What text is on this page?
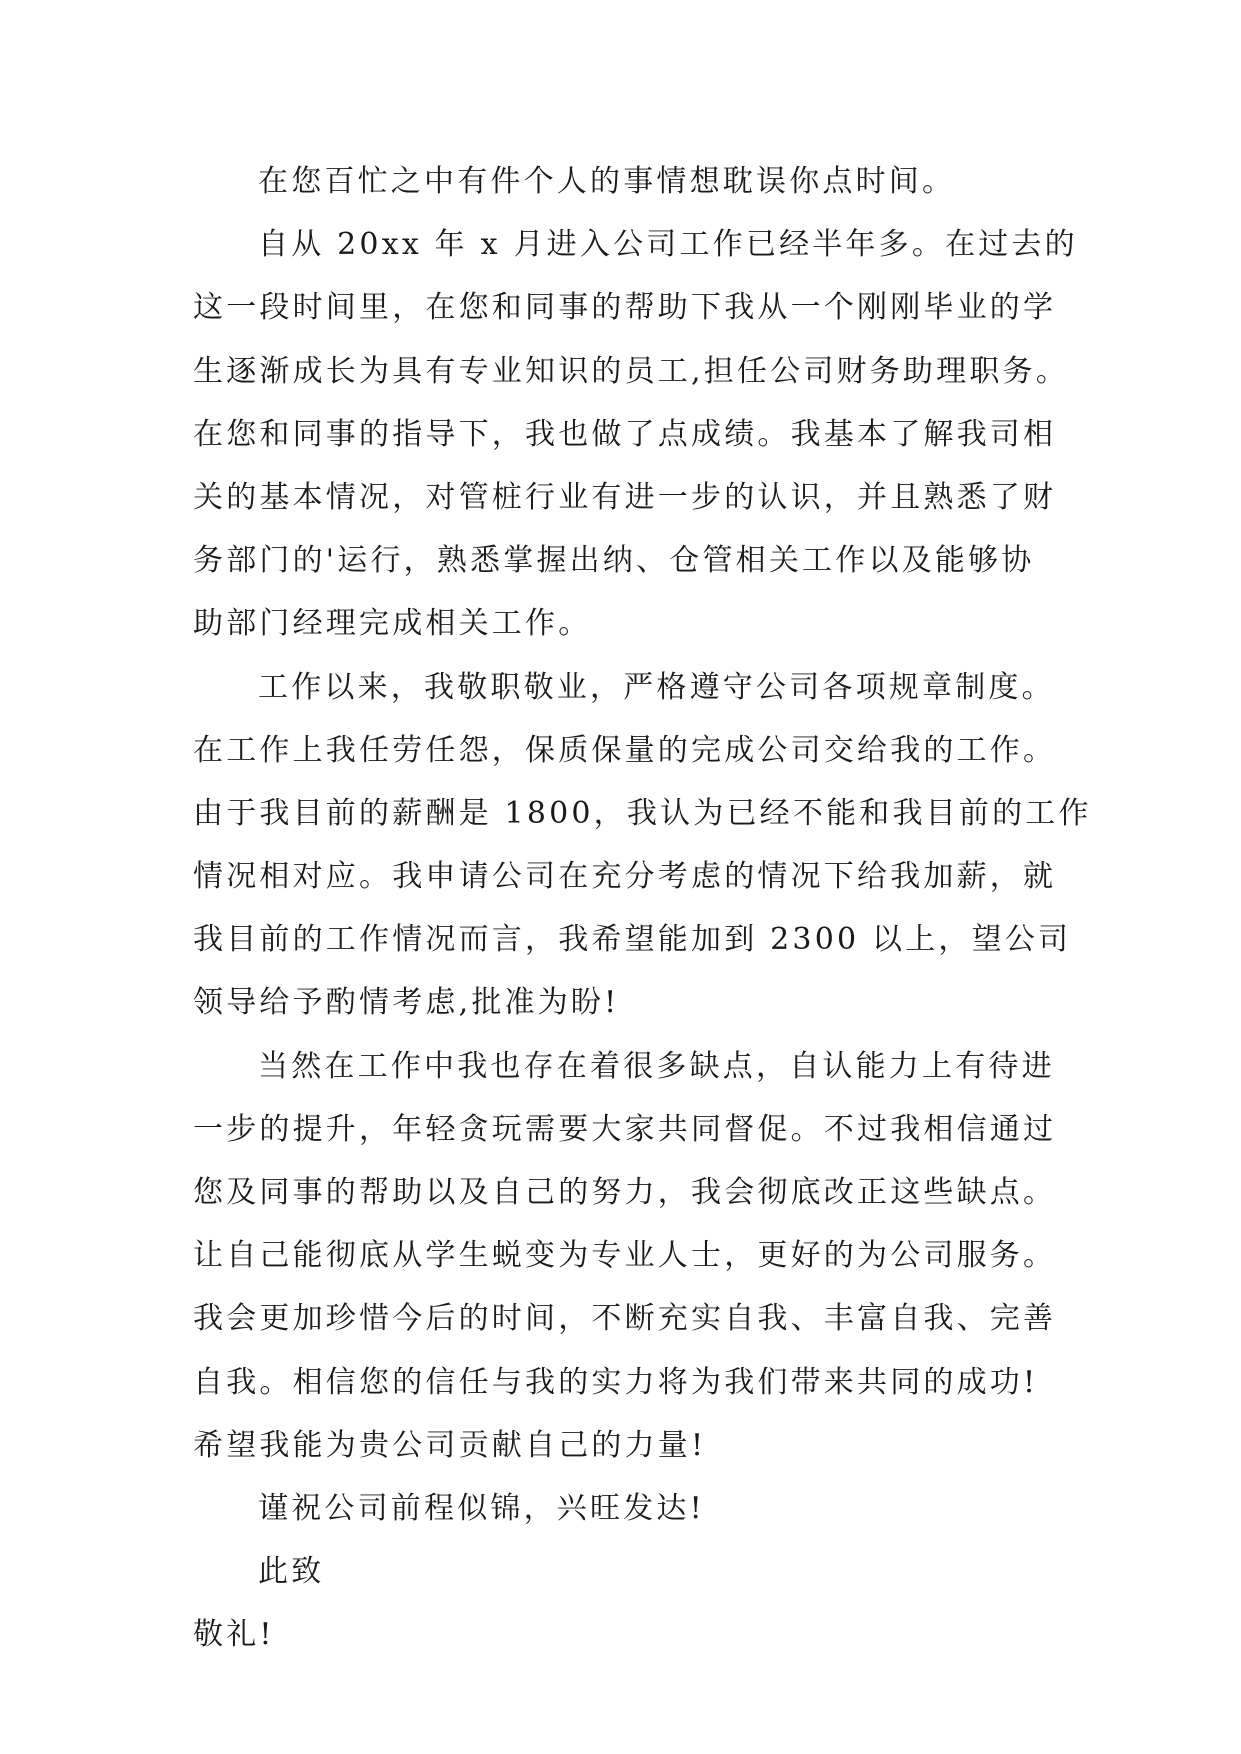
在您百忙之中有件个人的事情想耽误你点时间。
自从 20xx 年 x 月进入公司工作已经半年多。在过去的
这一段时间里，在您和同事的帮助下我从一个刚刚毕业的学
生逐渐成长为具有专业知识的员工,担任公司财务助理职务。
在您和同事的指导下，我也做了点成绩。我基本了解我司相
关的基本情况，对管桩行业有进一步的认识，并且熟悉了财
务部门的'运行，熟悉掌握出纳、仓管相关工作以及能够协
助部门经理完成相关工作。
工作以来，我敬职敬业，严格遵守公司各项规章制度。
在工作上我任劳任怨，保质保量的完成公司交给我的工作。
由于我目前的薪酬是 1800，我认为已经不能和我目前的工作
情况相对应。我申请公司在充分考虑的情况下给我加薪，就
我目前的工作情况而言，我希望能加到 2300 以上，望公司
领导给予酌情考虑,批准为盼!
当然在工作中我也存在着很多缺点，自认能力上有待进
一步的提升，年轻贪玩需要大家共同督促。不过我相信通过
您及同事的帮助以及自己的努力，我会彻底改正这些缺点。
让自己能彻底从学生蜕变为专业人士，更好的为公司服务。
我会更加珍惜今后的时间，不断充实自我、丰富自我、完善
自我。相信您的信任与我的实力将为我们带来共同的成功!
希望我能为贵公司贡献自己的力量!
谨祝公司前程似锦，兴旺发达!
此致
敬礼!
